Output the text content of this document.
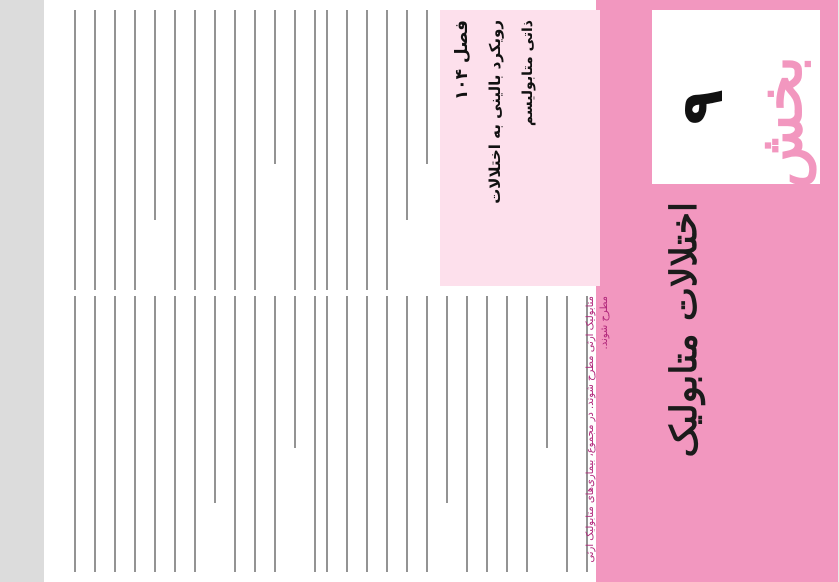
بخش
۹
اختلالات متابولیک
فصل ۱۰۴ رویکرد بالینی به اختلالات ذاتی متابولیسم
متابولیک ارثی مطرح شوند. در مجموع، بیماری‌های متابولیک ارثی مطرح شوند.
